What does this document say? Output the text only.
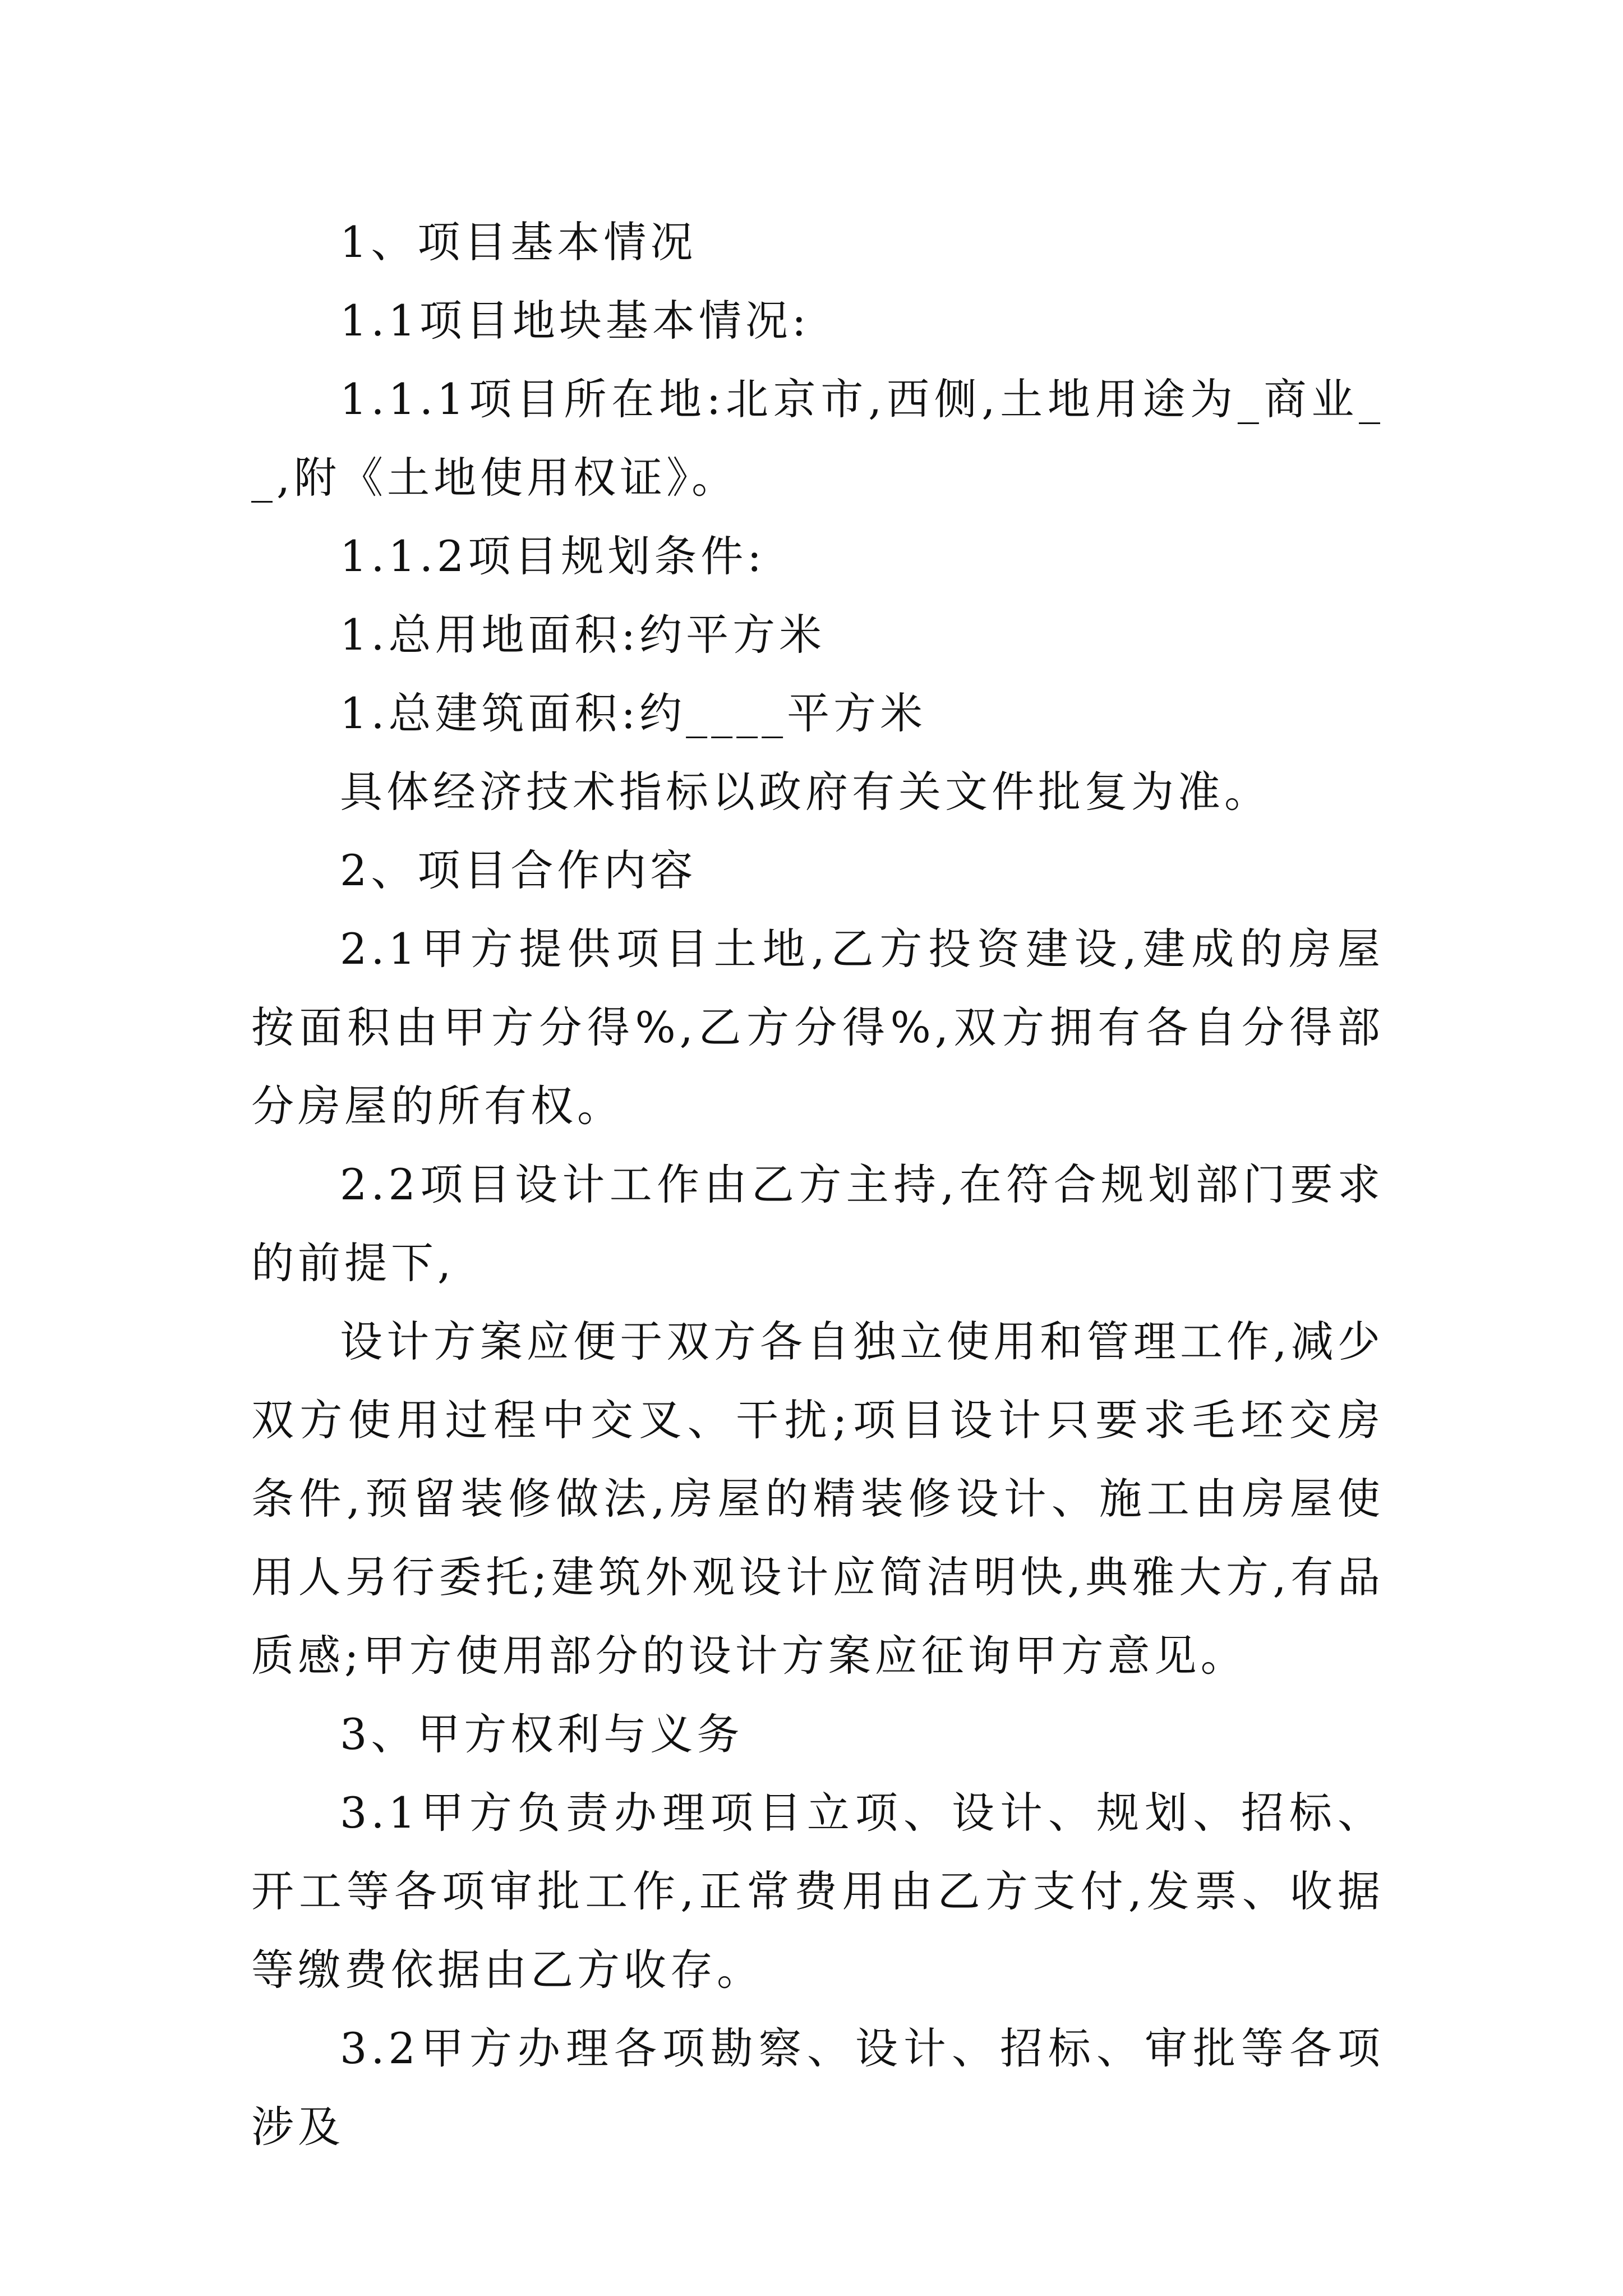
1、项目基本情况

1.1项目地块基本情况:

1.1.1项目所在地:北京市,西侧,土地用途为_商业__,附《土地使用权证》。

1.1.2项目规划条件:

1.总用地面积:约平方米

1.总建筑面积:约____平方米

具体经济技术指标以政府有关文件批复为准。

2、项目合作内容

2.1甲方提供项目土地,乙方投资建设,建成的房屋按面积由甲方分得%,乙方分得%,双方拥有各自分得部分房屋的所有权。

2.2项目设计工作由乙方主持,在符合规划部门要求的前提下,

设计方案应便于双方各自独立使用和管理工作,减少双方使用过程中交叉、干扰;项目设计只要求毛坯交房条件,预留装修做法,房屋的精装修设计、施工由房屋使用人另行委托;建筑外观设计应简洁明快,典雅大方,有品质感;甲方使用部分的设计方案应征询甲方意见。

3、甲方权利与义务

3.1甲方负责办理项目立项、设计、规划、招标、开工等各项审批工作,正常费用由乙方支付,发票、收据等缴费依据由乙方收存。

3.2甲方办理各项勘察、设计、招标、审批等各项涉及
